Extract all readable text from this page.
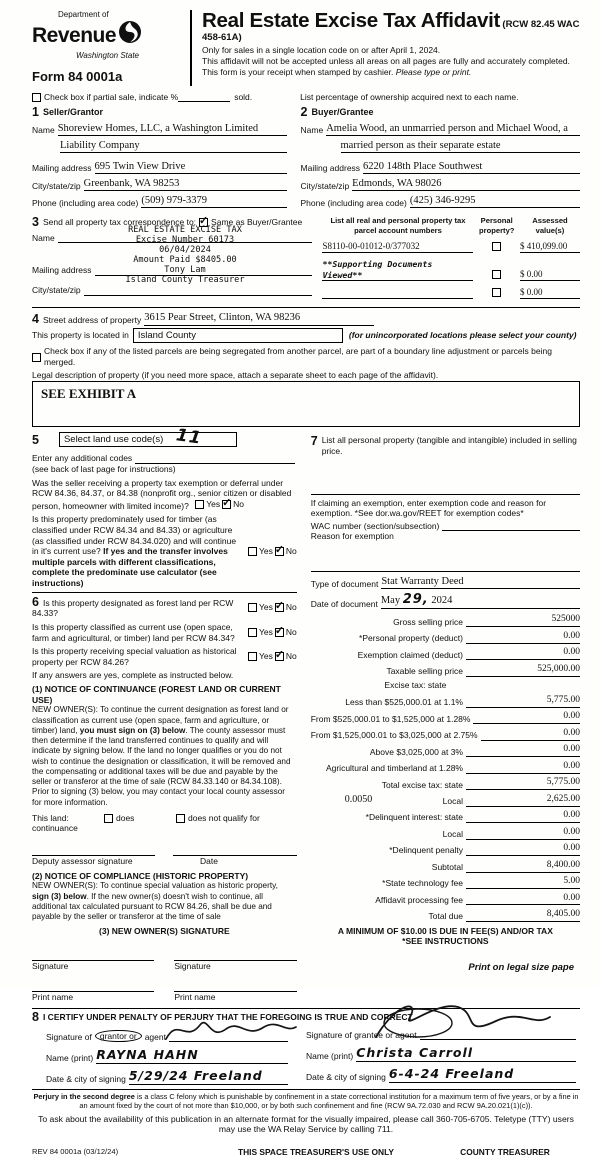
Department of
Revenue
Washington State
Form 84 0001a
Real Estate Excise Tax Affidavit (RCW 82.45 WAC 458-61A)
Only for sales in a single location code on or after April 1, 2024.
This affidavit will not be accepted unless all areas on all pages are fully and accurately completed.
This form is your receipt when stamped by cashier. Please type or print.
Check box if partial sale, indicate %	sold.	List percentage of ownership acquired next to each name.
1 Seller/Grantor
Name Shoreview Homes, LLC, a Washington Limited
Liability Company
Mailing address 695 Twin View Drive
City/state/zip Greenbank, WA 98253
Phone (including area code) (509) 979-3379
2 Buyer/Grantee
Name Amelia Wood, an unmarried person and Michael Wood, a
married person as their separate estate
Mailing address 6220 148th Place Southwest
City/state/zip Edmonds, WA 98026
Phone (including area code) (425) 346-9295
3 Send all property tax correspondence to:
✓ Same as Buyer/Grantee
Name
Mailing address
City/state/zip
REAL ESTATE EXCISE TAX
Excise Number 60173
06/04/2024
Amount Paid $8405.00
Tony Lam
Island County Treasurer
List all real and personal property tax
parcel account numbers
Personal
property?
Assessed
value(s)
S8110-00-01012-0/377032	$ 410,099.00
**Supporting Documents Viewed**	$ 0.00
$ 0.00
4 Street address of property 3615 Pear Street, Clinton, WA 98236
This property is located in Island County	(for unincorporated locations please select your county)
Check box if any of the listed parcels are being segregated from another parcel, are part of a boundary line adjustment or parcels being merged.
Legal description of property (if you need more space, attach a separate sheet to each page of the affidavit).
SEE EXHIBIT A
5	Select land use code(s) 11
Enter any additional codes
(see back of last page for instructions)
Was the seller receiving a property tax exemption or deferral under RCW 84.36, 84.37, or 84.38 (nonprofit org., senior citizen or disabled person, homeowner with limited income)? Yes ✓ No
Is this property predominately used for timber (as classified under RCW 84.34 and 84.33) or agriculture (as classified under RCW 84.34.020) and will continue in it's current use? If yes and the transfer involves multiple parcels with different classifications, complete the predominate use calculator (see instructions)
Yes ✓ No
6 Is this property designated as forest land per RCW 84.33?
Yes ✓ No
Is this property classified as current use (open space, farm and agricultural, or timber) land per RCW 84.34?
Yes ✓ No
Is this property receiving special valuation as historical property per RCW 84.26?
Yes ✓ No
If any answers are yes, complete as instructed below.
(1) NOTICE OF CONTINUANCE (FOREST LAND OR CURRENT USE)
NEW OWNER(S): To continue the current designation as forest land or classification as current use (open space, farm and agriculture, or timber) land, you must sign on (3) below. The county assessor must then determine if the land transferred continues to qualify and will indicate by signing below. If the land no longer qualifies or you do not wish to continue the designation or classification, it will be removed and the compensating or additional taxes will be due and payable by the seller or transferor at the time of sale (RCW 84.33.140 or 84.34.108). Prior to signing (3) below, you may contact your local county assessor for more information.
This land:	does	does not qualify for
continuance
Deputy assessor signature	Date
(2) NOTICE OF COMPLIANCE (HISTORIC PROPERTY)
NEW OWNER(S): To continue special valuation as historic property, sign (3) below. If the new owner(s) doesn't wish to continue, all additional tax calculated pursuant to RCW 84.26, shall be due and payable by the seller or transferor at the time of sale
(3) NEW OWNER(S) SIGNATURE
Signature	Signature
Print name	Print name
7 List all personal property (tangible and intangible) included in selling price.
If claiming an exemption, enter exemption code and reason for exemption. *See dor.wa.gov/REET for exemption codes*
WAC number (section/subsection)
Reason for exemption
Type of document Stat Warranty Deed
Date of document May 29, 2024
Gross selling price	525000
*Personal property (deduct)	0.00
Exemption claimed (deduct)	0.00
Taxable selling price	525,000.00
Excise tax: state
Less than $525,000.01 at 1.1%	5,775.00
From $525,000.01 to $1,525,000 at 1.28%	0.00
From $1,525,000.01 to $3,025,000 at 2.75%	0.00
Above $3,025,000 at 3%	0.00
Agricultural and timberland at 1.28%	0.00
Total excise tax: state	5,775.00
0.0050	Local	2,625.00
*Delinquent interest: state	0.00
Local	0.00
*Delinquent penalty	0.00
Subtotal	8,400.00
*State technology fee	5.00
Affidavit processing fee	0.00
Total due	8,405.00
A MINIMUM OF $10.00 IS DUE IN FEE(S) AND/OR TAX
*SEE INSTRUCTIONS
8 I CERTIFY UNDER PENALTY OF PERJURY THAT THE FOREGOING IS TRUE AND CORRECT
Signature of grantor or agent
Name (print) RAYNA HAHN
Date & city of signing 5/29/24 Freeland
Signature of grantee or agent
Name (print) Christa Carroll
Date & city of signing 6-4-24 Freeland
Perjury in the second degree is a class C felony which is punishable by confinement in a state correctional institution for a maximum term of five years, or by a fine in an amount fixed by the court of not more than $10,000, or by both such confinement and fine (RCW 9A.72.030 and RCW 9A.20.021(1)(c)).
To ask about the availability of this publication in an alternate format for the visually impaired, please call 360-705-6705. Teletype (TTY) users may use the WA Relay Service by calling 711.
REV 84 0001a (03/12/24)	THIS SPACE TREASURER'S USE ONLY	COUNTY TREASURER
Print on legal size pape
